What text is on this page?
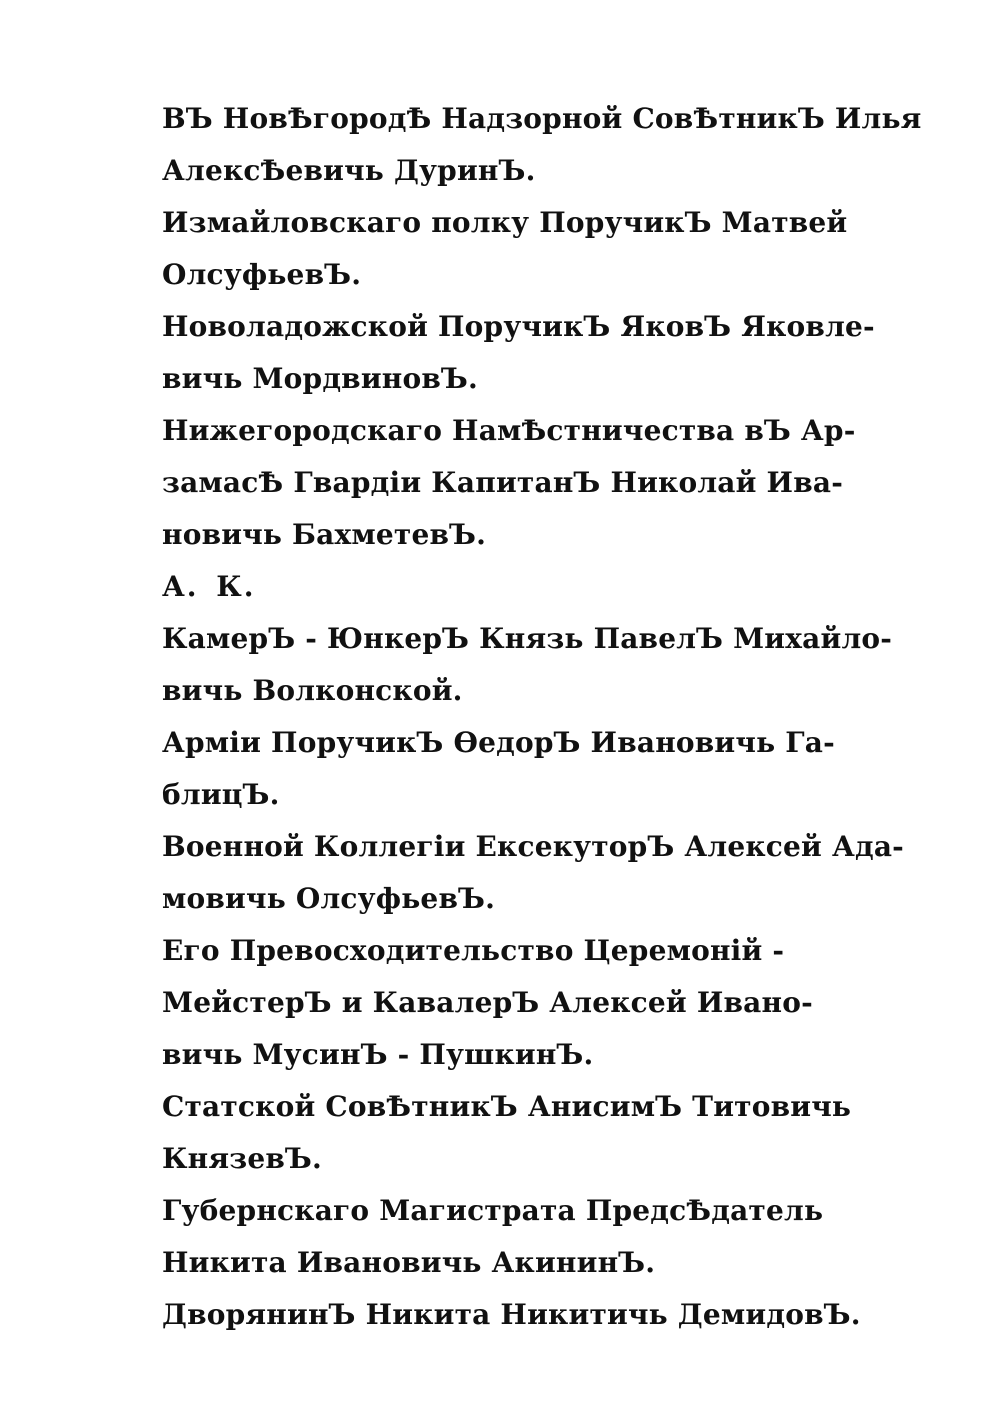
ВЪ НовѢгородѢ Надзорной СовѢтникЪ Илья
АлексѢевичь ДуринЪ.

Измайловскаго полку ПоручикЪ Матвей
ОлсуфьевЪ.

Новоладожской ПоручикЪ ЯковЪ Яковле-
вичь МордвиновЪ.

Нижегородскаго НамѢстничества вЪ Ар-
замасѢ Гвардiи КапитанЪ Николай Ива-
новичь БахметевЪ.

А. К.

КамерЪ - ЮнкерЪ Князь ПавелЪ Михайло-
вичь Волконской.

Армiи ПоручикЪ ѲедорЪ Ивановичь Га-
блицЪ.

Военной Коллегiи ЕксекуторЪ Алексей Ада-
мовичь ОлсуфьевЪ.

Его Превосходительство Церемонiй -
МейстерЪ и КавалерЪ Алексей Ивано-
вичь МусинЪ - ПушкинЪ.

Статской СовѢтникЪ АнисимЪ Титовичь
КнязевЪ.

Губернскаго Магистрата ПредсѢдатель
Никита Ивановичь АкининЪ.

ДворянинЪ Никита Никитичь ДемидовЪ.
